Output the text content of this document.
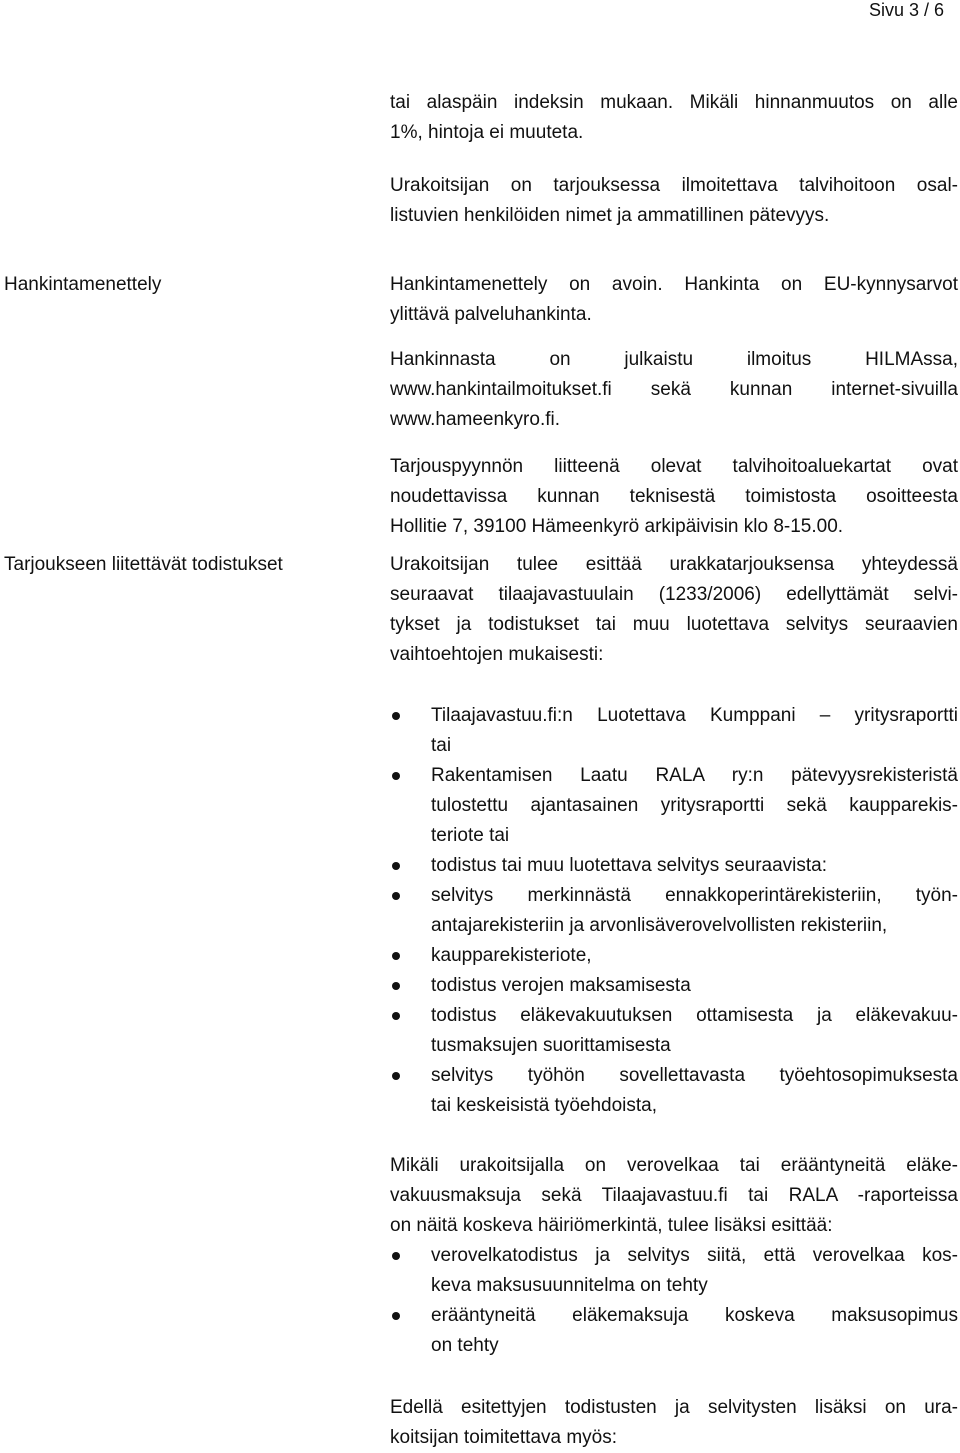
Sivu 3 / 6

tai alaspäin indeksin mukaan. Mikäli hinnanmuutos on alle
1%, hintoja ei muuteta.

Urakoitsijan on tarjouksessa ilmoitettava talvihoitoon osal-
listuvien henkilöiden nimet ja ammatillinen pätevyys.

Hankintamenettely	Hankintamenettely on avoin. Hankinta on EU-kynnysarvot
ylittävä palveluhankinta.

Hankinnasta on julkaistu ilmoitus HILMAssa,
www.hankintailmoitukset.fi sekä kunnan internet-sivuilla
www.hameenkyro.fi.

Tarjouspyynnön liitteenä olevat talvihoitoaluekartat ovat
noudettavissa kunnan teknisestä toimistosta osoitteesta
Hollitie 7, 39100 Hämeenkyrö arkipäivisin klo 8-15.00.

Tarjoukseen liitettävät todistukset	Urakoitsijan tulee esittää urakkatarjouksensa yhteydessä
seuraavat tilaajavastuulain (1233/2006) edellyttämät selvi-
tykset ja todistukset tai muu luotettava selvitys seuraavien
vaihtoehtojen mukaisesti:

Tilaajavastuu.fi:n Luotettava Kumppani – yritysraportti
tai
Rakentamisen Laatu RALA ry:n pätevyysrekisteristä
tulostettu ajantasainen yritysraportti sekä kaupparekis-
teriote tai
todistus tai muu luotettava selvitys seuraavista:
selvitys merkinnästä ennakkoperintärekisteriin, työn-
antajarekisteriin ja arvonlisäverovelvollisten rekisteriin,
kaupparekisteriote,
todistus verojen maksamisesta
todistus eläkevakuutuksen ottamisesta ja eläkevakuu-
tusmaksujen suorittamisesta
selvitys työhön sovellettavasta työehtosopimuksesta
tai keskeisistä työehdoista,

Mikäli urakoitsijalla on verovelkaa tai erääntyneitä eläke-
vakuusmaksuja sekä Tilaajavastuu.fi tai RALA -raporteissa
on näitä koskeva häiriömerkintä, tulee lisäksi esittää:

verovelkatodistus ja selvitys siitä, että verovelkaa kos-
keva maksusuunnitelma on tehty
erääntyneitä eläkemaksuja koskeva maksusopimus
on tehty

Edellä esitettyjen todistusten ja selvitysten lisäksi on ura-
koitsijan toimitettava myös:
